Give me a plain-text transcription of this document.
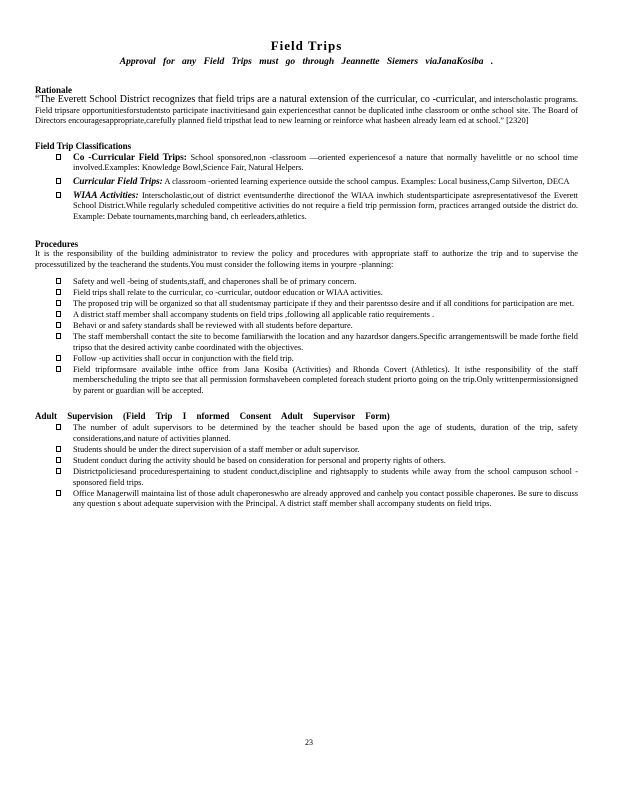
Field Trips

Approval for any Field Trips must go through Jeannette Siemers viaJanaKosiba .

Rationale

“The Everett School District recognizes that field trips are a natural extension of the curricular, co -curricular, and interscholastic programs. Field tripsare opportunitiesforstudentsto participate inactivitiesand gain experiencesthat cannot be duplicated inthe classroom or onthe school site. The Board of Directors encouragesappropriate,carefully planned field tripsthat lead to new learning or reinforce what hasbeen already learn ed at school.” [2320]

Field Trip Classifications
Co -Curricular Field Trips: School sponsored,non -classroom —oriented experiencesof a nature that normally havelittle or no school time involved.Examples: Knowledge Bowl,Science Fair, Natural Helpers.
Curricular Field Trips: A classroom -oriented learning experience outside the school campus. Examples: Local business,Camp Silverton, DECA
WIAA Activities: Interscholastic,out of district eventsunderthe directionof the WIAA inwhich studentsparticipate asrepresentativesof the Everett School District.While regularly scheduled competitive activities do not require a field trip permission form, practices arranged outside the district do. Example: Debate tournaments,marching band, ch eerleaders,athletics.
Procedures

It is the responsibility of the building administrator to review the policy and procedures with appropriate staff to authorize the trip and to supervise the processutilized by the teacherand the students.You must consider the following items in yourpre -planning:

Safety and well -being of students,staff, and chaperones shall be of primary concern.
Field trips shall relate to the curricular, co -curricular, outdoor education or WIAA activities.
The proposed trip will be organized so that all studentsmay participate if they and their parentsso desire and if all conditions for participation are met.
A district staff member shall accompany students on field trips ,following all applicable ratio requirements .
Behavi or and safety standards shall be reviewed with all students before departure.
The staff membershall contact the site to become familiarwith the location and any hazardsor dangers.Specific arrangementswill be made forthe field tripso that the desired activity canbe coordinated with the objectives.
Follow -up activities shall occur in conjunction with the field trip.
Field tripformsare available inthe office from Jana Kosiba (Activities) and Rhonda Covert (Athletics). It isthe responsibility of the staff memberscheduling the tripto see that all permission formshavebeen completed foreach student priorto going on the trip.Only writtenpermissionsigned by parent or guardian will be accepted.
Adult Supervision (Field Trip I nformed Consent Adult Supervisor Form)
The number of adult supervisors to be determined by the teacher should be based upon the age of students, duration of the trip, safety considerations,and nature of activities planned.
Students should be under the direct supervision of a staff member or adult supervisor.
Student conduct during the activity should be based on consideration for personal and property rights of others.
Districtpoliciesand procedurespertaining to student conduct,discipline and rightsapply to students while away from the school campuson school -sponsored field trips.
Office Managerwill maintaina list of those adult chaperoneswho are already approved and canhelp you contact possible chaperones. Be sure to discuss any question s about adequate supervision with the Principal. A district staff member shall accompany students on field trips.
23
